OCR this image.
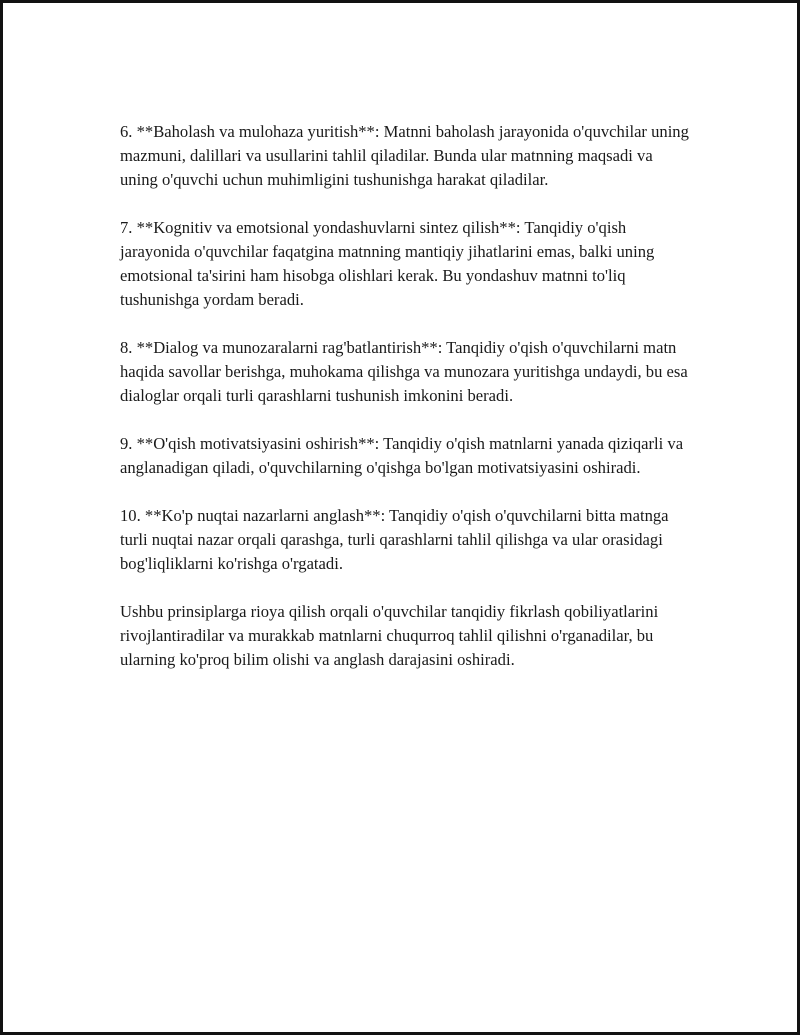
6. **Baholash va mulohaza yuritish**: Matnni baholash jarayonida o'quvchilar uning mazmuni, dalillari va usullarini tahlil qiladilar. Bunda ular matnning maqsadi va uning o'quvchi uchun muhimligini tushunishga harakat qiladilar.

7. **Kognitiv va emotsional yondashuvlarni sintez qilish**: Tanqidiy o'qish jarayonida o'quvchilar faqatgina matnning mantiqiy jihatlarini emas, balki uning emotsional ta'sirini ham hisobga olishlari kerak. Bu yondashuv matnni to'liq tushunishga yordam beradi.

8. **Dialog va munozaralarni rag'batlantirish**: Tanqidiy o'qish o'quvchilarni matn haqida savollar berishga, muhokama qilishga va munozara yuritishga undaydi, bu esa dialoglar orqali turli qarashlarni tushunish imkonini beradi.

9. **O'qish motivatsiyasini oshirish**: Tanqidiy o'qish matnlarni yanada qiziqarli va anglanadigan qiladi, o'quvchilarning o'qishga bo'lgan motivatsiyasini oshiradi.

10. **Ko'p nuqtai nazarlarni anglash**: Tanqidiy o'qish o'quvchilarni bitta matnga turli nuqtai nazar orqali qarashga, turli qarashlarni tahlil qilishga va ular orasidagi bog'liqliklarni ko'rishga o'rgatadi.

Ushbu prinsiplarga rioya qilish orqali o'quvchilar tanqidiy fikrlash qobiliyatlarini rivojlantiradilar va murakkab matnlarni chuqurroq tahlil qilishni o'rganadilar, bu ularning ko'proq bilim olishi va anglash darajasini oshiradi.
